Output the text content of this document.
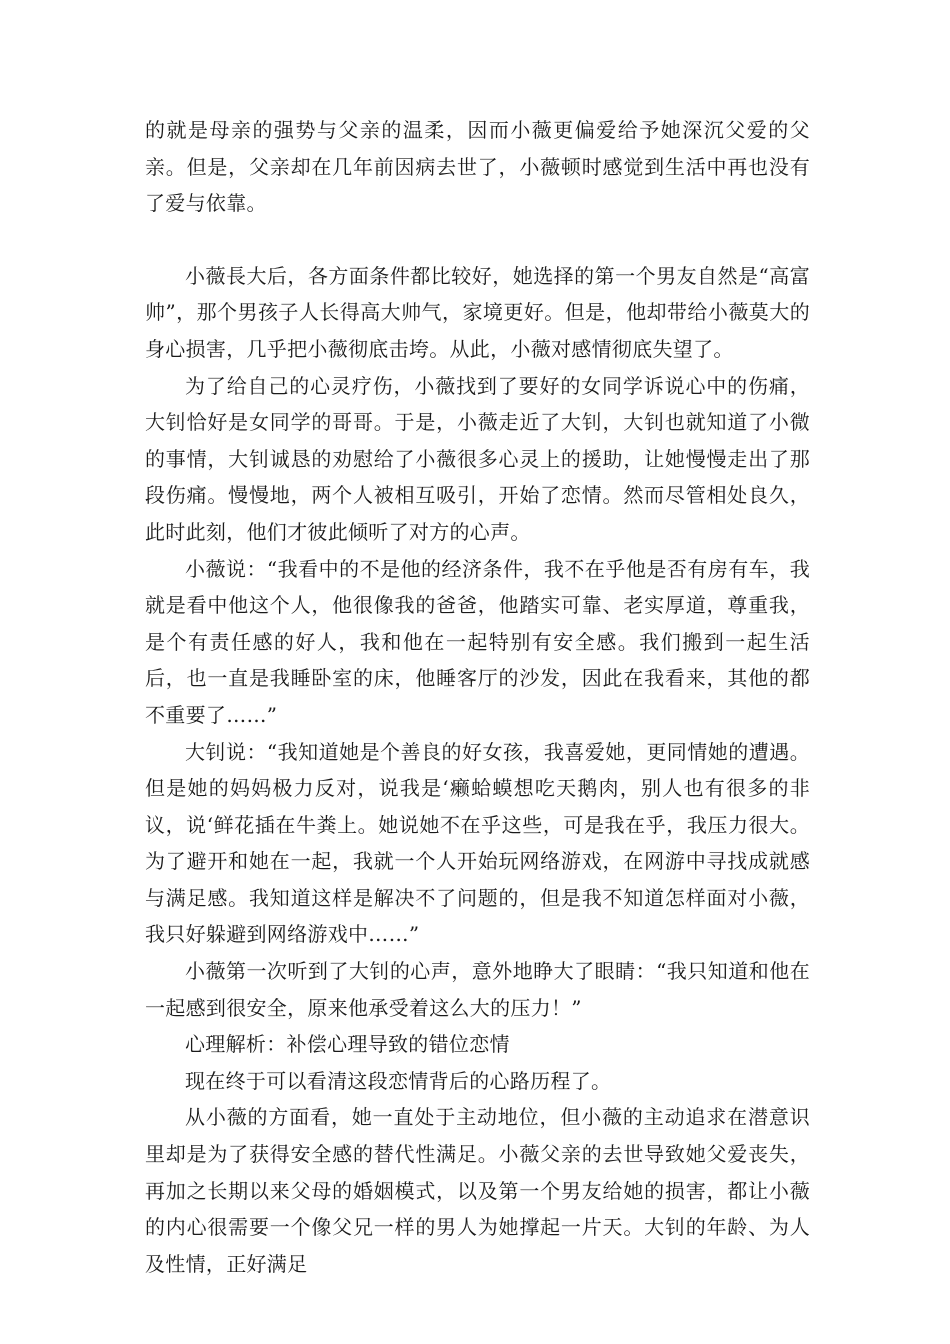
的就是母亲的强势与父亲的温柔，因而小薇更偏爱给予她深沉父爱的父亲。但是，父亲却在几年前因病去世了，小薇顿时感觉到生活中再也没有了爱与依靠。

小薇長大后，各方面条件都比较好，她选择的第一个男友自然是“高富帅”，那个男孩子人长得高大帅气，家境更好。但是，他却带给小薇莫大的身心损害，几乎把小薇彻底击垮。从此，小薇对感情彻底失望了。

为了给自己的心灵疗伤，小薇找到了要好的女同学诉说心中的伤痛，大钊恰好是女同学的哥哥。于是，小薇走近了大钊，大钊也就知道了小微的事情，大钊诚恳的劝慰给了小薇很多心灵上的援助，让她慢慢走出了那段伤痛。慢慢地，两个人被相互吸引，开始了恋情。然而尽管相处良久，此时此刻，他们才彼此倾听了对方的心声。

小薇说：“我看中的不是他的经济条件，我不在乎他是否有房有车，我就是看中他这个人，他很像我的爸爸，他踏实可靠、老实厚道，尊重我，是个有责任感的好人，我和他在一起特别有安全感。我们搬到一起生活后，也一直是我睡卧室的床，他睡客厅的沙发，因此在我看来，其他的都不重要了……”

大钊说：“我知道她是个善良的好女孩，我喜爱她，更同情她的遭遇。但是她的妈妈极力反对，说我是‘癞蛤蟆想吃天鹅肉，别人也有很多的非议，说‘鲜花插在牛粪上。她说她不在乎这些，可是我在乎，我压力很大。为了避开和她在一起，我就一个人开始玩网络游戏，在网游中寻找成就感与满足感。我知道这样是解决不了问题的，但是我不知道怎样面对小薇，我只好躲避到网络游戏中……”

小薇第一次听到了大钊的心声，意外地睁大了眼睛：“我只知道和他在一起感到很安全，原来他承受着这么大的压力！”

心理解析：补偿心理导致的错位恋情

现在终于可以看清这段恋情背后的心路历程了。

从小薇的方面看，她一直处于主动地位，但小薇的主动追求在潜意识里却是为了获得安全感的替代性满足。小薇父亲的去世导致她父爱丧失，再加之长期以来父母的婚姻模式，以及第一个男友给她的损害，都让小薇的内心很需要一个像父兄一样的男人为她撑起一片天。大钊的年龄、为人及性情，正好满足
